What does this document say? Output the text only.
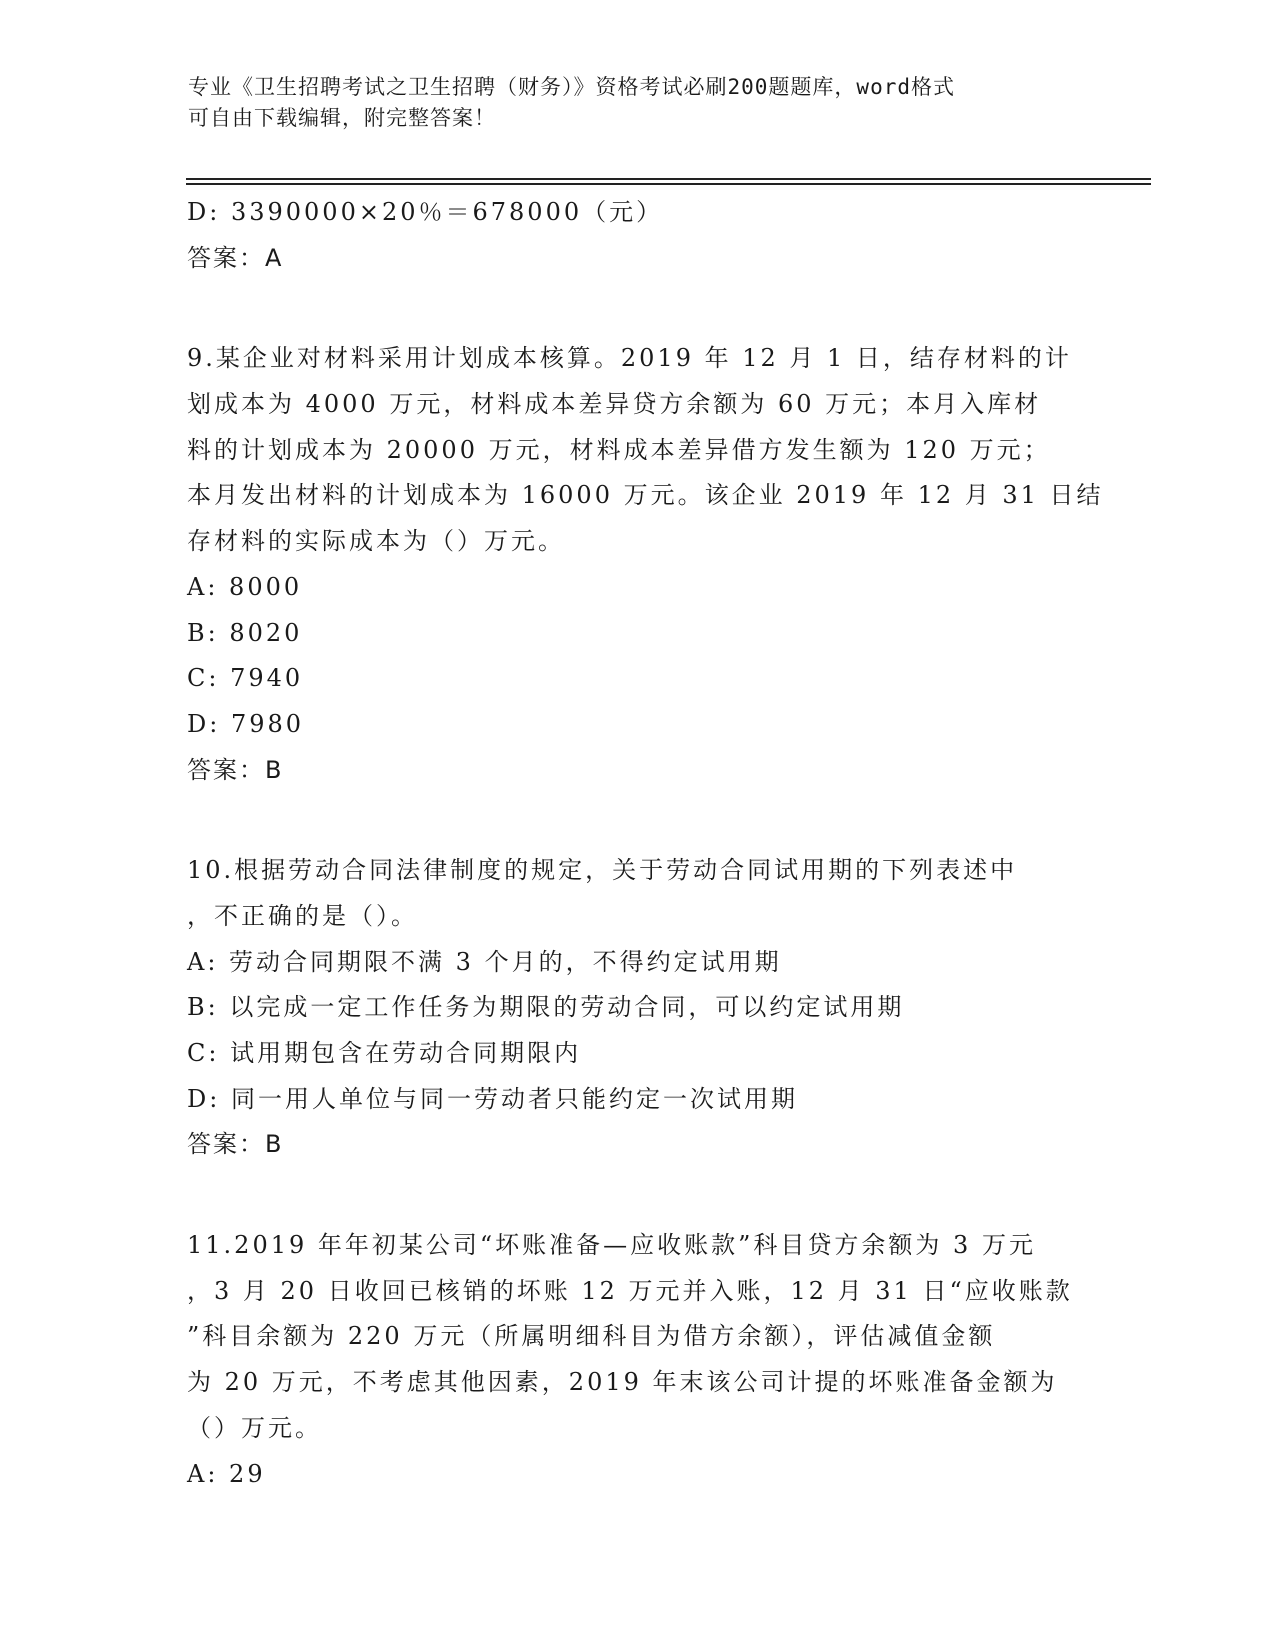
专业《卫生招聘考试之卫生招聘（财务）》资格考试必刷200题题库，word格式
可自由下载编辑，附完整答案！
D: 3390000×20％＝678000（元）
答案：A
9.某企业对材料采用计划成本核算。2019 年 12 月 1 日，结存材料的计
划成本为 4000 万元，材料成本差异贷方余额为 60 万元；本月入库材
料的计划成本为 20000 万元，材料成本差异借方发生额为 120 万元；
本月发出材料的计划成本为 16000 万元。该企业 2019 年 12 月 31 日结
存材料的实际成本为（）万元。
A: 8000
B: 8020
C: 7940
D: 7980
答案：B
10.根据劳动合同法律制度的规定，关于劳动合同试用期的下列表述中
，不正确的是（）。
A: 劳动合同期限不满 3 个月的，不得约定试用期
B: 以完成一定工作任务为期限的劳动合同，可以约定试用期
C: 试用期包含在劳动合同期限内
D: 同一用人单位与同一劳动者只能约定一次试用期
答案：B
11.2019 年年初某公司“坏账准备—应收账款”科目贷方余额为 3 万元
，3 月 20 日收回已核销的坏账 12 万元并入账，12 月 31 日“应收账款
”科目余额为 220 万元（所属明细科目为借方余额），评估减值金额
为 20 万元，不考虑其他因素，2019 年末该公司计提的坏账准备金额为
（）万元。
A: 29
